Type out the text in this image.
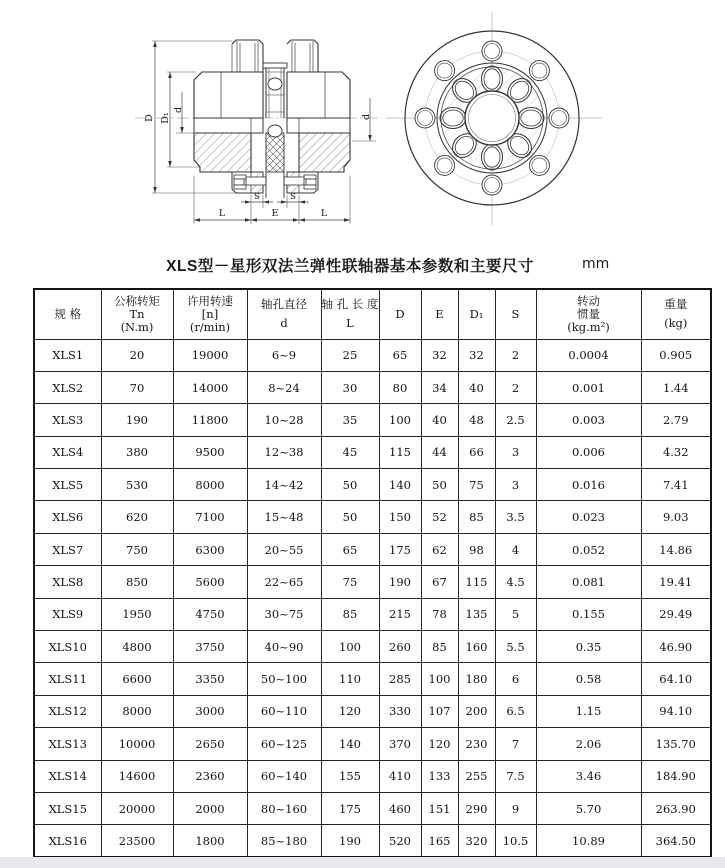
D D₁
d
d
S	S
L	E	L
XLS型－星形双法兰弹性联轴器基本参数和主要尺寸	mm
规 格

公称转矩
Tn
(N.m)

许用转速
[n]
(r/min)

轴孔直径
d

轴 孔 长 度
L

D	E	D₁	S

转动
惯量
(kg.m²)

重量
(kg)

XLS1	20	19000	6~9	25	65	32	32	2	0.0004	0.905
XLS2	70	14000	8~24	30	80	34	40	2	0.001	1.44
XLS3	190	11800	10~28	35	100	40	48	2.5	0.003	2.79
XLS4	380	9500	12~38	45	115	44	66	3	0.006	4.32
XLS5	530	8000	14~42	50	140	50	75	3	0.016	7.41
XLS6	620	7100	15~48	50	150	52	85	3.5	0.023	9.03
XLS7	750	6300	20~55	65	175	62	98	4	0.052	14.86
XLS8	850	5600	22~65	75	190	67	115	4.5	0.081	19.41
XLS9	1950	4750	30~75	85	215	78	135	5	0.155	29.49
XLS10	4800	3750	40~90	100	260	85	160	5.5	0.35	46.90
XLS11	6600	3350	50~100	110	285	100	180	6	0.58	64.10
XLS12	8000	3000	60~110	120	330	107	200	6.5	1.15	94.10
XLS13	10000	2650	60~125	140	370	120	230	7	2.06	135.70
XLS14	14600	2360	60~140	155	410	133	255	7.5	3.46	184.90
XLS15	20000	2000	80~160	175	460	151	290	9	5.70	263.90
XLS16	23500	1800	85~180	190	520	165	320	10.5	10.89	364.50
